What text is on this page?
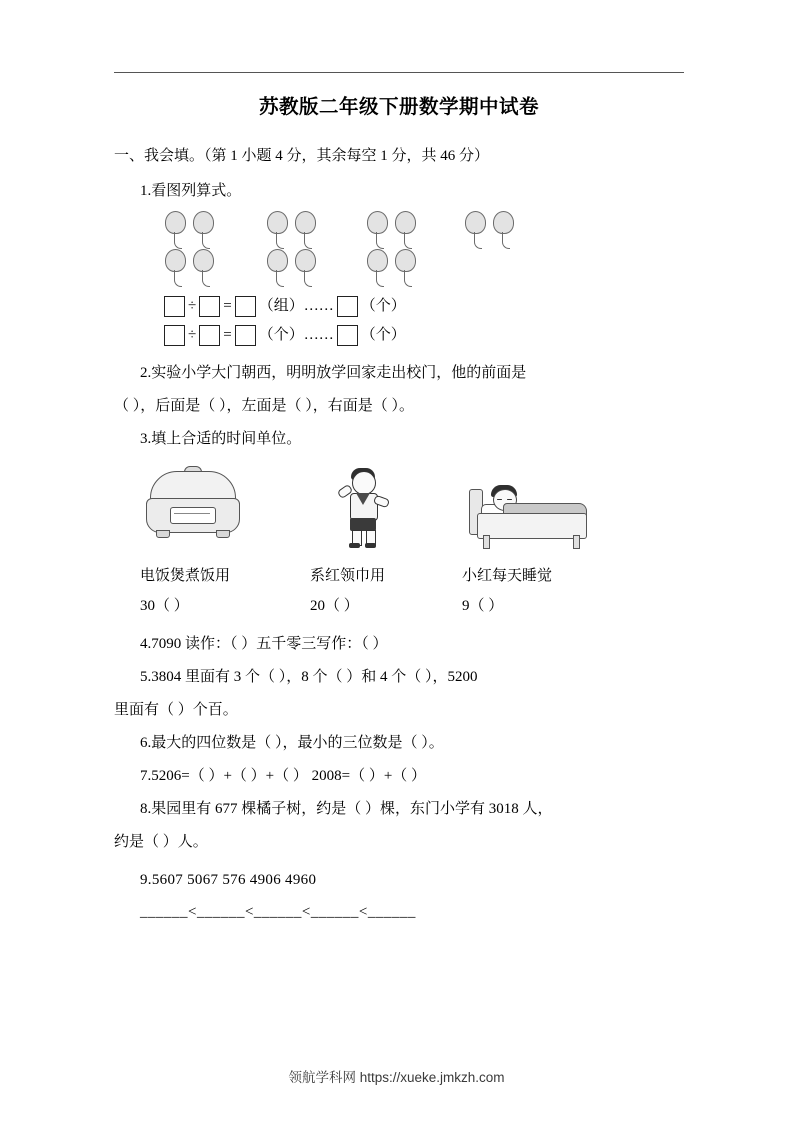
苏教版二年级下册数学期中试卷
一、我会填。（第 1 小题 4 分，其余每空 1 分，共 46 分）
1.看图列算式。
÷ = （组）…… （个）
÷ = （个）…… （个）
2.实验小学大门朝西，明明放学回家走出校门，他的前面是
（ ），后面是（ ），左面是（ ），右面是（ ）。
3.填上合适的时间单位。
电饭煲煮饭用	系红领巾用	小红每天睡觉
30（ ）	20（ ）	9（ ）
4.7090 读作：（ ）五千零三写作：（ ）
5.3804 里面有 3 个（ ），8 个（ ）和 4 个（ ），5200
里面有（ ）个百。
6.最大的四位数是（ ），最小的三位数是（ ）。
7.5206=（ ）+（ ）+（ ） 2008=（ ）+（ ）
8.果园里有 677 棵橘子树，约是（ ）棵，东门小学有 3018 人，
约是（ ）人。
9.5607 5067 576 4906 4960
______<______<______<______<______
领航学科网 https://xueke.jmkzh.com
